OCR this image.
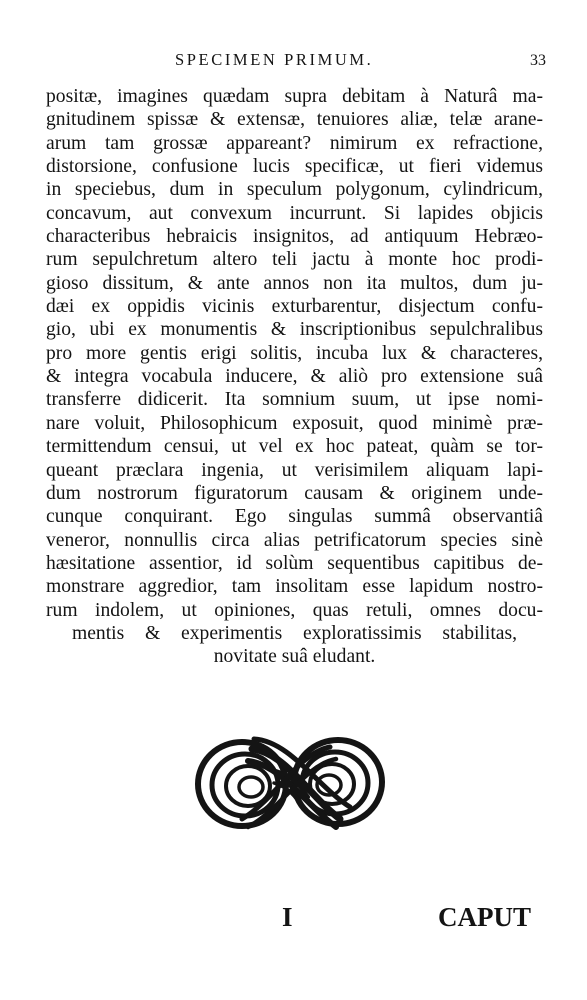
SPECIMEN PRIMUM.	33
positæ, imagines quædam supra debitam à Naturâ ma-
gnitudinem spissæ & extensæ, tenuiores aliæ, telæ arane-
arum tam grossæ appareant? nimirum ex refractione,
distorsione, confusione lucis specificæ, ut fieri videmus
in speciebus, dum in speculum polygonum, cylindricum,
concavum, aut convexum incurrunt. Si lapides objicis
characteribus hebraicis insignitos, ad antiquum Hebræo-
rum sepulchretum altero teli jactu à monte hoc prodi-
gioso dissitum, & ante annos non ita multos, dum ju-
dæi ex oppidis vicinis exturbarentur, disjectum confu-
gio, ubi ex monumentis & inscriptionibus sepulchralibus
pro more gentis erigi solitis, incuba lux & characteres,
& integra vocabula inducere, & aliò pro extensione suâ
transferre didicerit. Ita somnium suum, ut ipse nomi-
nare voluit, Philosophicum exposuit, quod minimè præ-
termittendum censui, ut vel ex hoc pateat, quàm se tor-
queant præclara ingenia, ut verisimilem aliquam lapi-
dum nostrorum figuratorum causam & originem unde-
cunque conquirant. Ego singulas summâ observantiâ
veneror, nonnullis circa alias petrificatorum species sinè
hæsitatione assentior, id solùm sequentibus capitibus de-
monstrare aggredior, tam insolitam esse lapidum nostro-
rum indolem, ut opiniones, quas retuli, omnes docu-
mentis & experimentis exploratissimis stabilitas,
novitate suâ eludant.
I	CAPUT
